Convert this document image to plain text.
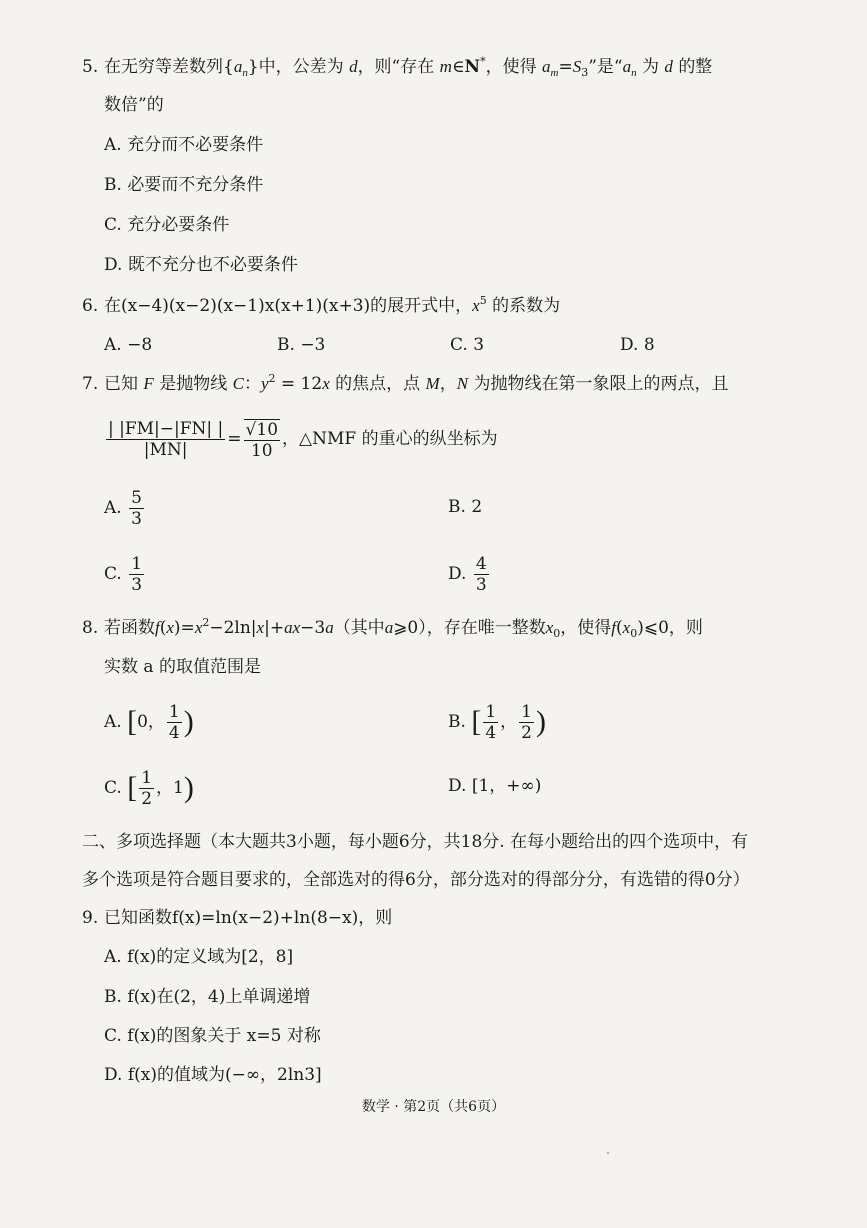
5. 在无穷等差数列$\{a_n\}$中，公差为 d，则“存在 m∈N*，使得 $a_m=S_3$”是“$a_n$ 为 d 的整
数倍”的
A. 充分而不必要条件
B. 必要而不充分条件
C. 充分必要条件
D. 既不充分也不必要条件
6. 在(x−4)(x−2)(x−1)x(x+1)(x+3)的展开式中，$x^5$ 的系数为
A. −8	B. −3	C. 3	D. 8
7. 已知 F 是抛物线 C：$y^2 = 12x$ 的焦点，点 M，N 为抛物线在第一象限上的两点，且
$\frac{| |FM|-|FN| |}{|MN|} = \frac{√10}{10}$ ，△NMF 的重心的纵坐标为
A. $\frac{5}{3}$	B. 2
C. $\frac{1}{3}$	D. $\frac{4}{3}$
8. 若函数$f(x)=x^2-2\ln|x|+ax-3a$（其中a⩾0），存在唯一整数$x_0$，使得$f(x_0)⩽0$，则
实数 a 的取值范围是
A. [0， $\frac{1}{4}$ )	B. [ $\frac{1}{4}$ ， $\frac{1}{2}$ )
C. [ $\frac{1}{2}$ ，1)	D. [1，+∞)
二、多项选择题（本大题共3小题，每小题6分，共18分. 在每小题给出的四个选项中，有
多个选项是符合题目要求的，全部选对的得6分，部分选对的得部分分，有选错的得0分）
9. 已知函数f(x)=ln(x−2)+ln(8−x)，则
A. f(x)的定义域为[2，8]
B. f(x)在(2，4)上单调递增
C. f(x)的图象关于 x=5 对称
D. f(x)的值域为(−∞，2ln3]
数学 · 第2页（共6页）
